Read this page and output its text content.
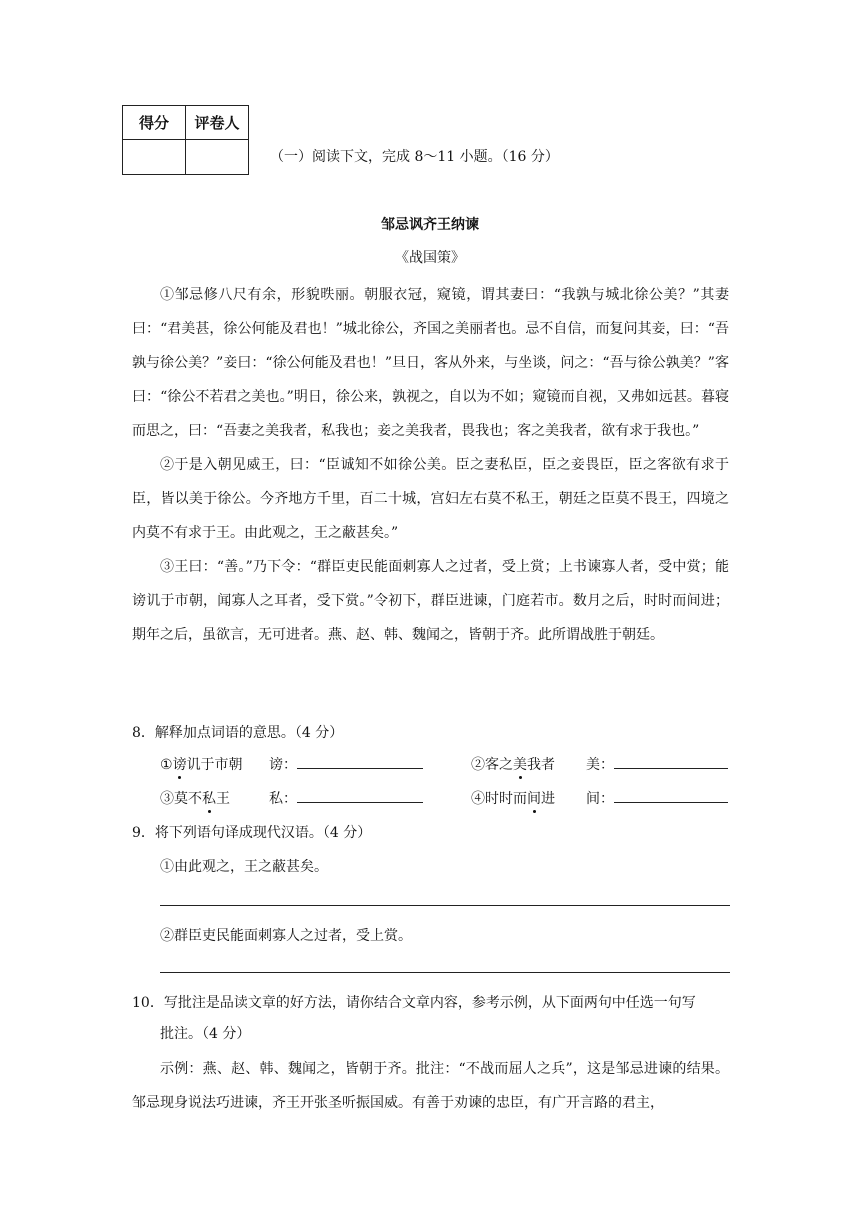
得分	评卷人

（一）阅读下文，完成 8～11 小题。（16 分）
邹忌讽齐王纳谏
《战国策》

①邹忌修八尺有余，形貌昳丽。朝服衣冠，窥镜，谓其妻曰：“我孰与城北徐公美？”其妻曰：“君美甚，徐公何能及君也！”城北徐公，齐国之美丽者也。忌不自信，而复问其妾，曰：“吾孰与徐公美？”妾曰：“徐公何能及君也！”旦日，客从外来，与坐谈，问之：“吾与徐公孰美？”客曰：“徐公不若君之美也。”明日，徐公来，孰视之，自以为不如；窥镜而自视，又弗如远甚。暮寝而思之，曰：“吾妻之美我者，私我也；妾之美我者，畏我也；客之美我者，欲有求于我也。”

②于是入朝见威王，曰：“臣诚知不如徐公美。臣之妻私臣，臣之妾畏臣，臣之客欲有求于臣，皆以美于徐公。今齐地方千里，百二十城，宫妇左右莫不私王，朝廷之臣莫不畏王，四境之内莫不有求于王。由此观之，王之蔽甚矣。”

③王曰：“善。”乃下令：“群臣吏民能面刺寡人之过者，受上赏；上书谏寡人者，受中赏；能谤讥于市朝，闻寡人之耳者，受下赏。”令初下，群臣进谏，门庭若市。数月之后，时时而间进；期年之后，虽欲言，无可进者。燕、赵、韩、魏闻之，皆朝于齐。此所谓战胜于朝廷。

8．解释加点词语的意思。（4 分）
①谤讥于市朝 谤：	②客之美我者 美：
③莫不私王	私：	④时时而间进 间：
9．将下列语句译成现代汉语。（4 分）
①由此观之，王之蔽甚矣。
②群臣吏民能面刺寡人之过者，受上赏。
10．写批注是品读文章的好方法，请你结合文章内容，参考示例，从下面两句中任选一句写
批注。（4 分）

示例：燕、赵、韩、魏闻之，皆朝于齐。批注：“不战而屈人之兵”，这是邹忌进谏的结果。邹忌现身说法巧进谏，齐王开张圣听振国威。有善于劝谏的忠臣，有广开言路的君主，
